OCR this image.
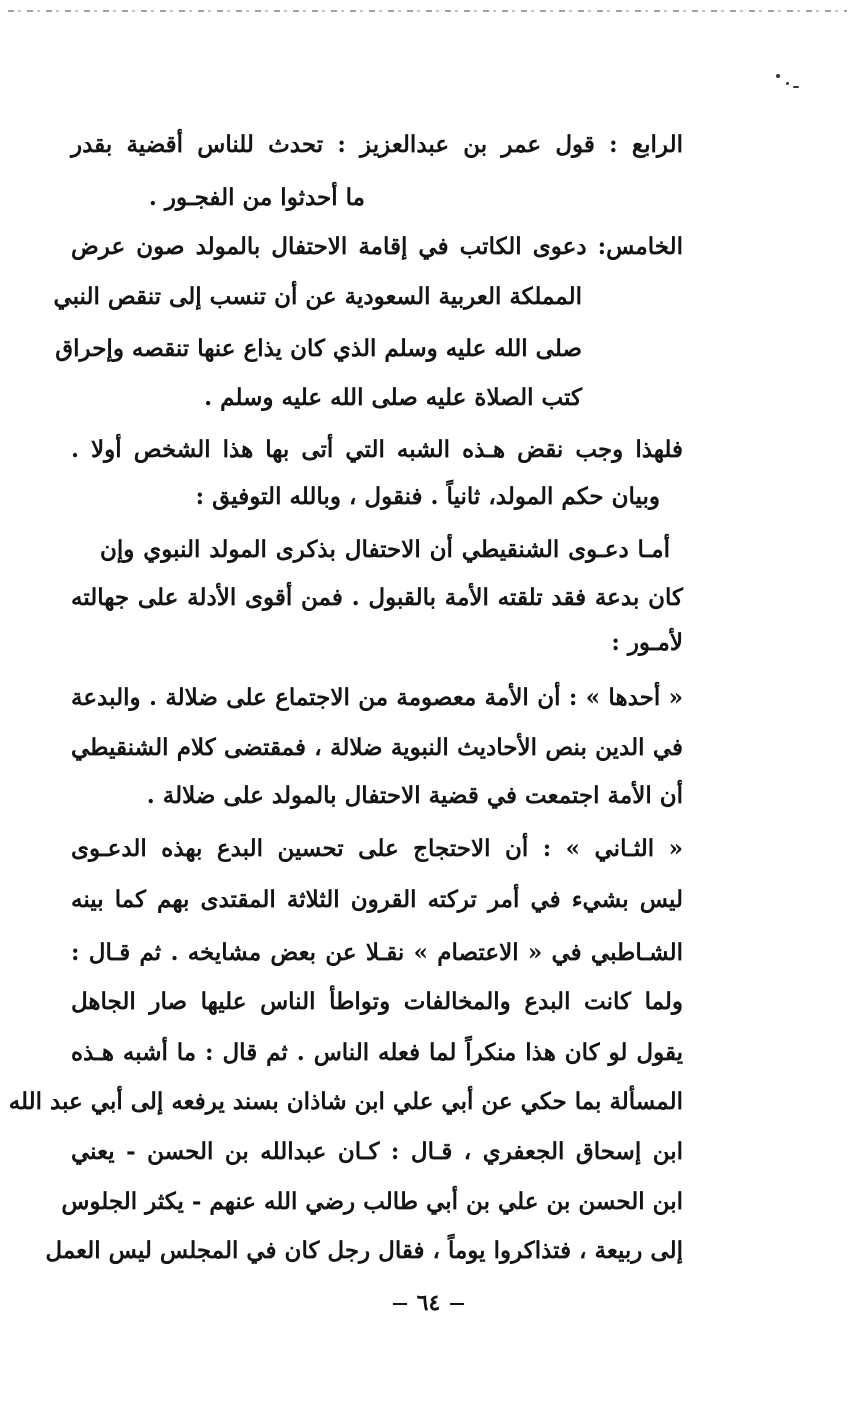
الرابع : قول عمر بن عبدالعزيز : تحدث للناس أقضية بقدر
ما أحدثوا من الفجـور .
الخامس: دعوى الكاتب في إقامة الاحتفال بالمولد صون عرض
المملكة العربية السعودية عن أن تنسب إلى تنقص النبي
صلى الله عليه وسلم الذي كان يذاع عنها تنقصه وإحراق
كتب الصلاة عليه صلى الله عليه وسلم .
فلهذا وجب نقض هـذه الشبه التي أتى بها هذا الشخص أولا .
وبيان حكم المولد، ثانياً . فنقول ، وبالله التوفيق :
أمـا دعـوى الشنقيطي أن الاحتفال بذكرى المولد النبوي وإن
كان بدعة فقد تلقته الأمة بالقبول . فمن أقوى الأدلة على جهالته
لأمـور :
« أحدها » : أن الأمة معصومة من الاجتماع على ضلالة . والبدعة
في الدين بنص الأحاديث النبوية ضلالة ، فمقتضى كلام الشنقيطي
أن الأمة اجتمعت في قضية الاحتفال بالمولد على ضلالة .
« الثـاني » : أن الاحتجاج على تحسين البدع بهذه الدعـوى
ليس بشيء في أمر تركته القرون الثلاثة المقتدى بهم كما بينه
الشـاطبي في « الاعتصام » نقـلا عن بعض مشايخه . ثم قـال :
ولما كانت البدع والمخالفات وتواطأ الناس عليها صار الجاهل
يقول لو كان هذا منكراً لما فعله الناس . ثم قال : ما أشبه هـذه
المسألة بما حكي عن أبي علي ابن شاذان بسند يرفعه إلى أبي عبد الله
ابن إسحاق الجعفري ، قـال : كـان عبدالله بن الحسن - يعني
ابن الحسن بن علي بن أبي طالب رضي الله عنهم - يكثر الجلوس
إلى ربيعة ، فتذاكروا يوماً ، فقال رجل كان في المجلس ليس العمل
٦٤
